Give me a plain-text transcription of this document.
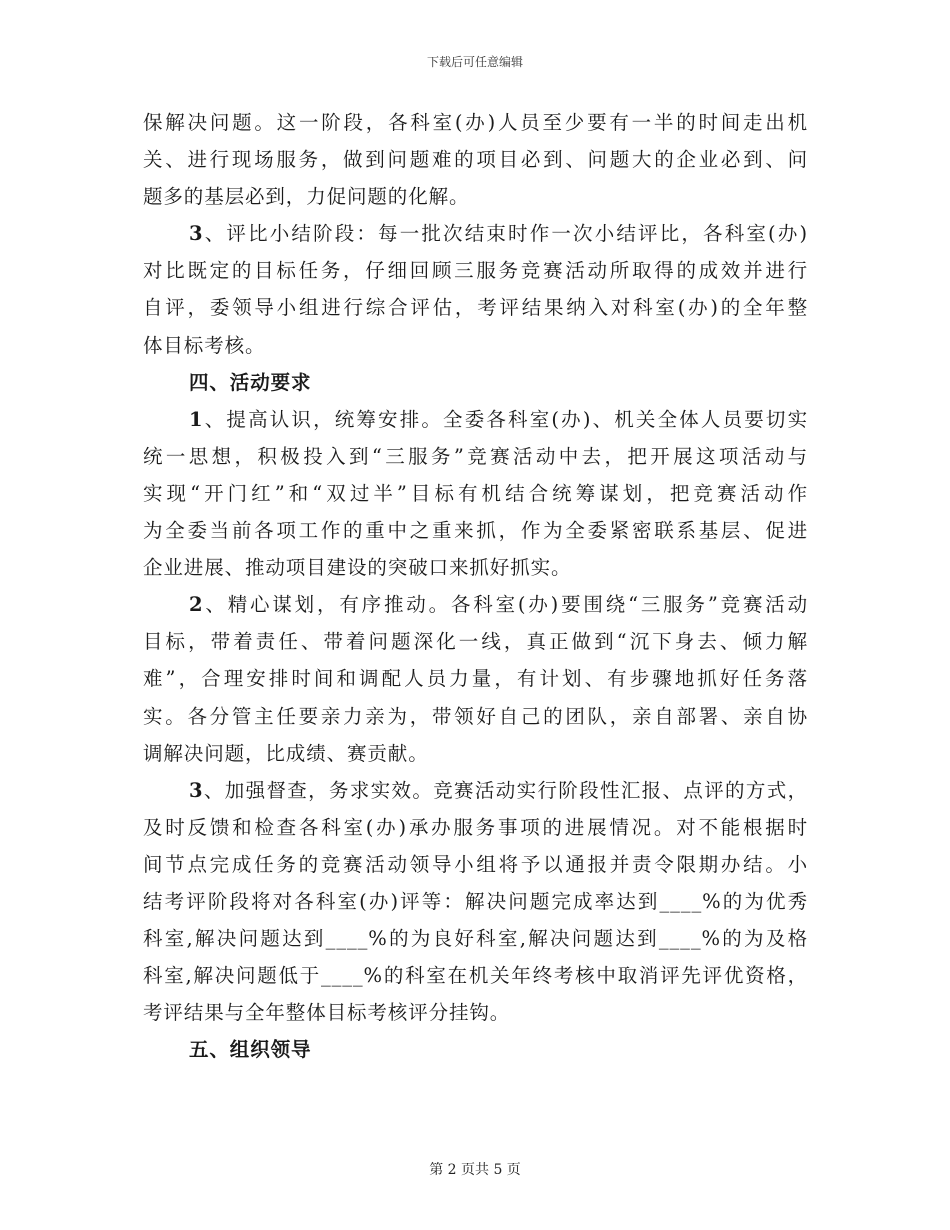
下载后可任意编辑
保解决问题。这一阶段，各科室(办)人员至少要有一半的时间走出机
关、进行现场服务，做到问题难的项目必到、问题大的企业必到、问
题多的基层必到，力促问题的化解。
3、评比小结阶段：每一批次结束时作一次小结评比，各科室(办)
对比既定的目标任务，仔细回顾三服务竞赛活动所取得的成效并进行
自评，委领导小组进行综合评估，考评结果纳入对科室(办)的全年整
体目标考核。
四、活动要求
1、提高认识，统筹安排。全委各科室(办)、机关全体人员要切实
统一思想，积极投入到“三服务”竞赛活动中去，把开展这项活动与
实现“开门红”和“双过半”目标有机结合统筹谋划，把竞赛活动作
为全委当前各项工作的重中之重来抓，作为全委紧密联系基层、促进
企业进展、推动项目建设的突破口来抓好抓实。
2、精心谋划，有序推动。各科室(办)要围绕“三服务”竞赛活动
目标，带着责任、带着问题深化一线，真正做到“沉下身去、倾力解
难”，合理安排时间和调配人员力量，有计划、有步骤地抓好任务落
实。各分管主任要亲力亲为，带领好自己的团队，亲自部署、亲自协
调解决问题，比成绩、赛贡献。
3、加强督查，务求实效。竞赛活动实行阶段性汇报、点评的方式，
及时反馈和检查各科室(办)承办服务事项的进展情况。对不能根据时
间节点完成任务的竞赛活动领导小组将予以通报并责令限期办结。小
结考评阶段将对各科室(办)评等：解决问题完成率达到____%的为优秀
科室,解决问题达到____%的为良好科室,解决问题达到____%的为及格
科室,解决问题低于____%的科室在机关年终考核中取消评先评优资格，
考评结果与全年整体目标考核评分挂钩。
五、组织领导
第 2 页共 5 页
